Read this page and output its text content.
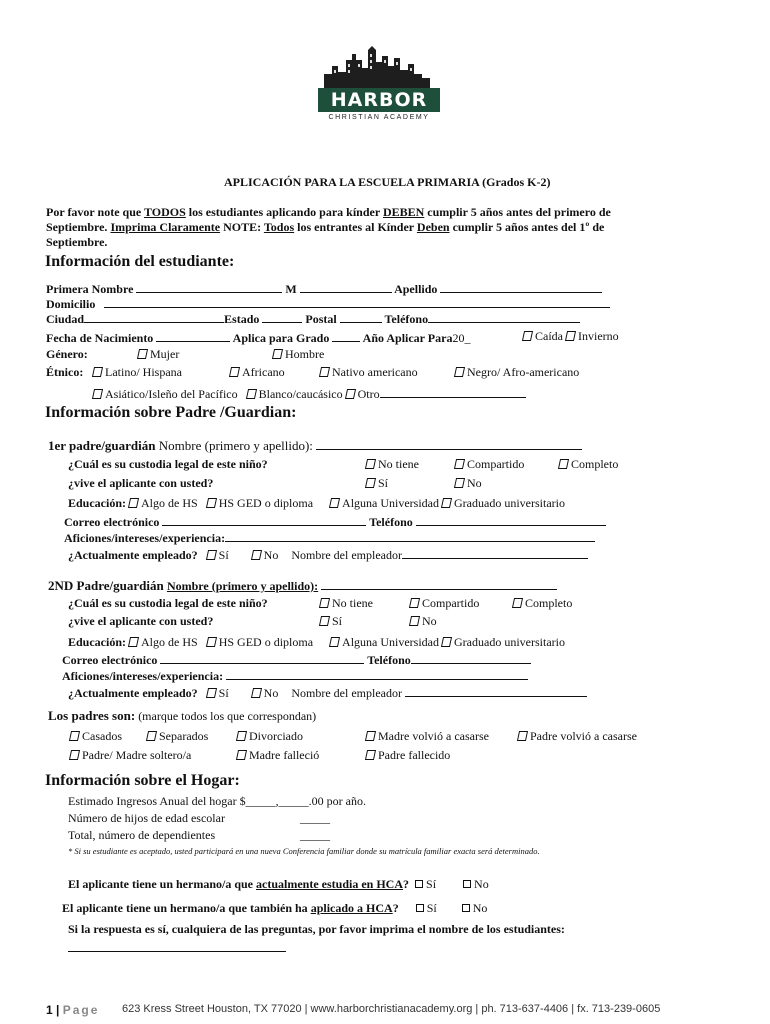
HARBOR
CHRISTIAN ACADEMY
APLICACIÓN PARA LA ESCUELA PRIMARIA (Grados K-2)
Por favor note que TODOS los estudiantes aplicando para kínder DEBEN cumplir 5 años antes del primero de
Septiembre. Imprima Claramente NOTE: Todos los entrantes al Kínder Deben cumplir 5 años antes del 1º de
Septiembre.
Información del estudiante:
Primera Nombre	M	Apellido
Domicilio
Ciudad	Estado	Postal	Teléfono
Fecha de Nacimiento	Aplica para Grado	Año Aplicar Para20_	Caída Invierno
Género:	Mujer	Hombre
Étnico:	Latino/ Hispana	Africano	Nativo americano	Negro/ Afro-americano
Asiático/Isleño del Pacífico Blanco/caucásico Otro
Información sobre Padre /Guardian:
1er padre/guardián Nombre (primero y apellido):
¿Cuál es su custodia legal de este niño?	No tiene	Compartido	Completo
¿vive el aplicante con usted?	Sí	No
Educación: Algo de HS HS GED o diploma Alguna Universidad Graduado universitario
Correo electrónico	Teléfono
Aficiones/intereses/experiencia:
¿Actualmente empleado? Sí	No Nombre del empleador
2ND Padre/guardián Nombre (primero y apellido):
¿Cuál es su custodia legal de este niño?	No tiene	Compartido	Completo
¿vive el aplicante con usted?	Sí	No
Educación: Algo de HS HS GED o diploma Alguna Universidad Graduado universitario
Correo electrónico	Teléfono
Aficiones/intereses/experiencia:
¿Actualmente empleado? Sí	No Nombre del empleador
Los padres son: (marque todos los que correspondan)
Casados	Separados	Divorciado	Madre volvió a casarse	Padre volvió a casarse
Padre/ Madre soltero/a	Madre falleció	Padre fallecido
Información sobre el Hogar:
Estimado Ingresos Anual del hogar $_____,_____.00 por año.
Número de hijos de edad escolar	_____
Total, número de dependientes	_____
* Si su estudiante es aceptado, usted participará en una nueva Conferencia familiar donde su matrícula familiar exacta será determinado.
El aplicante tiene un hermano/a que actualmente estudia en HCA? Sí	No
El aplicante tiene un hermano/a que también ha aplicado a HCA? Sí	No
Si la respuesta es sí, cualquiera de las preguntas, por favor imprima el nombre de los estudiantes:
1 | Page 623 Kress Street Houston, TX 77020 | www.harborchristianacademy.org | ph. 713-637-4406 | fx. 713-239-0605
